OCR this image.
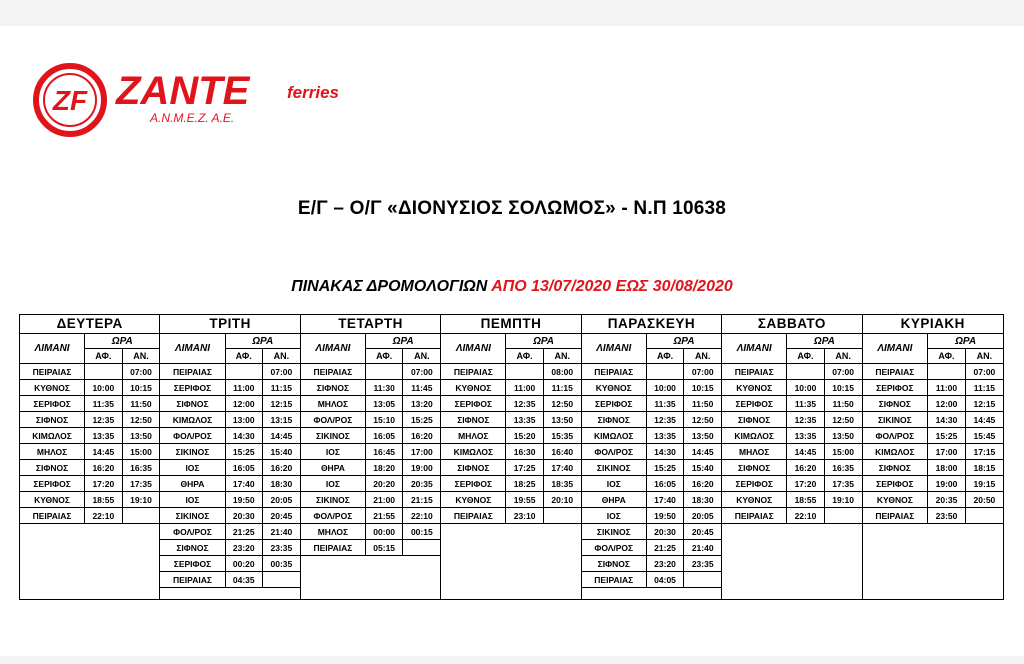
ZF ZANTE ferries
Α.Ν.Μ.Ε.Ζ. Α.Ε.
Ε/Γ – Ο/Γ «ΔΙΟΝΥΣΙΟΣ ΣΟΛΩΜΟΣ» - Ν.Π 10638
ΠΙΝΑΚΑΣ ΔΡΟΜΟΛΟΓΙΩΝ ΑΠΟ 13/07/2020 ΕΩΣ 30/08/2020
ΔΕΥΤΕΡΑ
ΛΙΜΑΝΙ	ΩΡΑ	
	ΑΦ.	ΑΝ.
ΠΕΙΡΑΙΑΣ		07:00
ΚΥΘΝΟΣ	10:00	10:15
ΣΕΡΙΦΟΣ	11:35	11:50
ΣΙΦΝΟΣ	12:35	12:50
ΚΙΜΩΛΟΣ	13:35	13:50
ΜΗΛΟΣ	14:45	15:00
ΣΙΦΝΟΣ	16:20	16:35
ΣΕΡΙΦΟΣ	17:20	17:35
ΚΥΘΝΟΣ	18:55	19:10
ΠΕΙΡΑΙΑΣ	22:10	
ΤΡΙΤΗ
ΛΙΜΑΝΙ	ΩΡΑ	
	ΑΦ.	ΑΝ.
ΠΕΙΡΑΙΑΣ		07:00
ΣΕΡΙΦΟΣ	11:00	11:15
ΣΙΦΝΟΣ	12:00	12:15
ΚΙΜΩΛΟΣ	13:00	13:15
ΦΟΛ/ΡΟΣ	14:30	14:45
ΣΙΚΙΝΟΣ	15:25	15:40
ΙΟΣ	16:05	16:20
ΘΗΡΑ	17:40	18:30
ΙΟΣ	19:50	20:05
ΣΙΚΙΝΟΣ	20:30	20:45
ΦΟΛ/ΡΟΣ	21:25	21:40
ΣΙΦΝΟΣ	23:20	23:35
ΣΕΡΙΦΟΣ	00:20	00:35
ΠΕΙΡΑΙΑΣ	04:35	
ΤΕΤΑΡΤΗ
ΛΙΜΑΝΙ	ΩΡΑ	
	ΑΦ.	ΑΝ.
ΠΕΙΡΑΙΑΣ		07:00
ΣΙΦΝΟΣ	11:30	11:45
ΜΗΛΟΣ	13:05	13:20
ΦΟΛ/ΡΟΣ	15:10	15:25
ΣΙΚΙΝΟΣ	16:05	16:20
ΙΟΣ	16:45	17:00
ΘΗΡΑ	18:20	19:00
ΙΟΣ	20:20	20:35
ΣΙΚΙΝΟΣ	21:00	21:15
ΦΟΛ/ΡΟΣ	21:55	22:10
ΜΗΛΟΣ	00:00	00:15
ΠΕΙΡΑΙΑΣ	05:15	
ΠΕΜΠΤΗ
ΛΙΜΑΝΙ	ΩΡΑ	
	ΑΦ.	ΑΝ.
ΠΕΙΡΑΙΑΣ		08:00
ΚΥΘΝΟΣ	11:00	11:15
ΣΕΡΙΦΟΣ	12:35	12:50
ΣΙΦΝΟΣ	13:35	13:50
ΜΗΛΟΣ	15:20	15:35
ΚΙΜΩΛΟΣ	16:30	16:40
ΣΙΦΝΟΣ	17:25	17:40
ΣΕΡΙΦΟΣ	18:25	18:35
ΚΥΘΝΟΣ	19:55	20:10
ΠΕΙΡΑΙΑΣ	23:10	
ΠΑΡΑΣΚΕΥΗ
ΛΙΜΑΝΙ	ΩΡΑ	
	ΑΦ.	ΑΝ.
ΠΕΙΡΑΙΑΣ		07:00
ΚΥΘΝΟΣ	10:00	10:15
ΣΕΡΙΦΟΣ	11:35	11:50
ΣΙΦΝΟΣ	12:35	12:50
ΚΙΜΩΛΟΣ	13:35	13:50
ΦΟΛ/ΡΟΣ	14:30	14:45
ΣΙΚΙΝΟΣ	15:25	15:40
ΙΟΣ	16:05	16:20
ΘΗΡΑ	17:40	18:30
ΙΟΣ	19:50	20:05
ΣΙΚΙΝΟΣ	20:30	20:45
ΦΟΛ/ΡΟΣ	21:25	21:40
ΣΙΦΝΟΣ	23:20	23:35
ΠΕΙΡΑΙΑΣ	04:05	
ΣΑΒΒΑΤΟ
ΛΙΜΑΝΙ	ΩΡΑ	
	ΑΦ.	ΑΝ.
ΠΕΙΡΑΙΑΣ		07:00
ΚΥΘΝΟΣ	10:00	10:15
ΣΕΡΙΦΟΣ	11:35	11:50
ΣΙΦΝΟΣ	12:35	12:50
ΚΙΜΩΛΟΣ	13:35	13:50
ΜΗΛΟΣ	14:45	15:00
ΣΙΦΝΟΣ	16:20	16:35
ΣΕΡΙΦΟΣ	17:20	17:35
ΚΥΘΝΟΣ	18:55	19:10
ΠΕΙΡΑΙΑΣ	22:10	
ΚΥΡΙΑΚΗ
ΛΙΜΑΝΙ	ΩΡΑ	
	ΑΦ.	ΑΝ.
ΠΕΙΡΑΙΑΣ		07:00
ΣΕΡΙΦΟΣ	11:00	11:15
ΣΙΦΝΟΣ	12:00	12:15
ΣΙΚΙΝΟΣ	14:30	14:45
ΦΟΛ/ΡΟΣ	15:25	15:45
ΚΙΜΩΛΟΣ	17:00	17:15
ΣΙΦΝΟΣ	18:00	18:15
ΣΕΡΙΦΟΣ	19:00	19:15
ΚΥΘΝΟΣ	20:35	20:50
ΠΕΙΡΑΙΑΣ	23:50	
